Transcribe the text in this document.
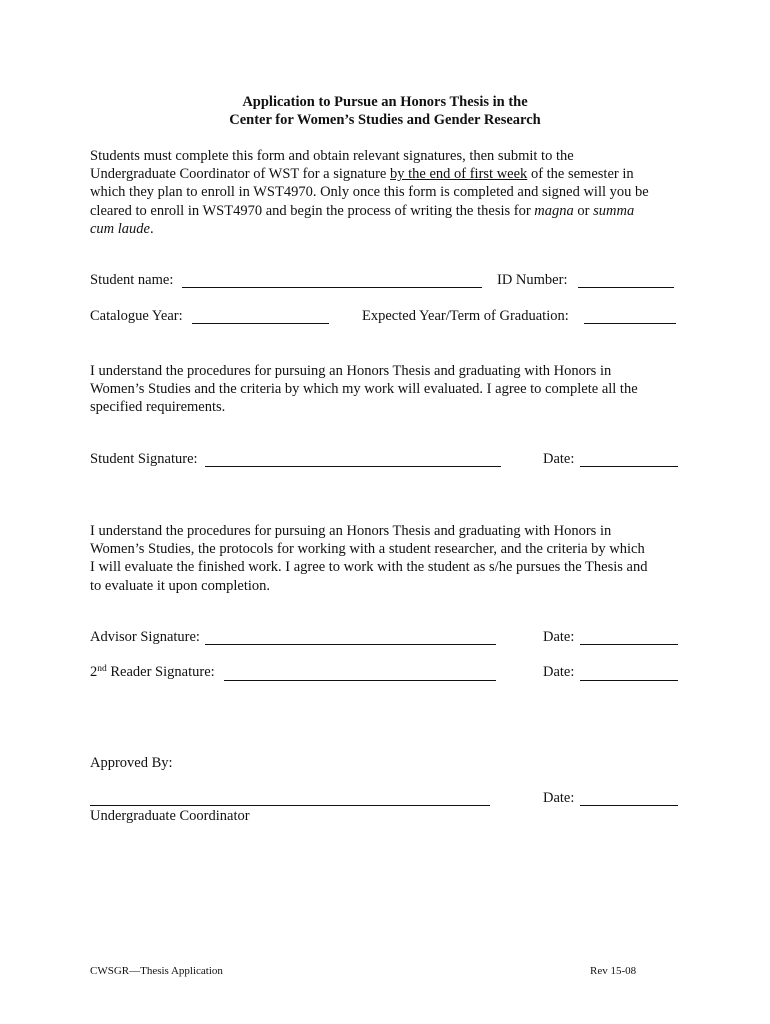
Application to Pursue an Honors Thesis in the
Center for Women’s Studies and Gender Research
Students must complete this form and obtain relevant signatures, then submit to the
Undergraduate Coordinator of WST for a signature by the end of first week of the semester in
which they plan to enroll in WST4970. Only once this form is completed and signed will you be
cleared to enroll in WST4970 and begin the process of writing the thesis for magna or summa
cum laude.
Student name:	ID Number:
Catalogue Year:	Expected Year/Term of Graduation:
I understand the procedures for pursuing an Honors Thesis and graduating with Honors in
Women’s Studies and the criteria by which my work will evaluated. I agree to complete all the
specified requirements.
Student Signature:	Date:
I understand the procedures for pursuing an Honors Thesis and graduating with Honors in
Women’s Studies, the protocols for working with a student researcher, and the criteria by which
I will evaluate the finished work. I agree to work with the student as s/he pursues the Thesis and
to evaluate it upon completion.
Advisor Signature:	Date:
2nd Reader Signature:	Date:
Approved By:
Date:
Undergraduate Coordinator
CWSGR—Thesis Application	Rev 15-08
